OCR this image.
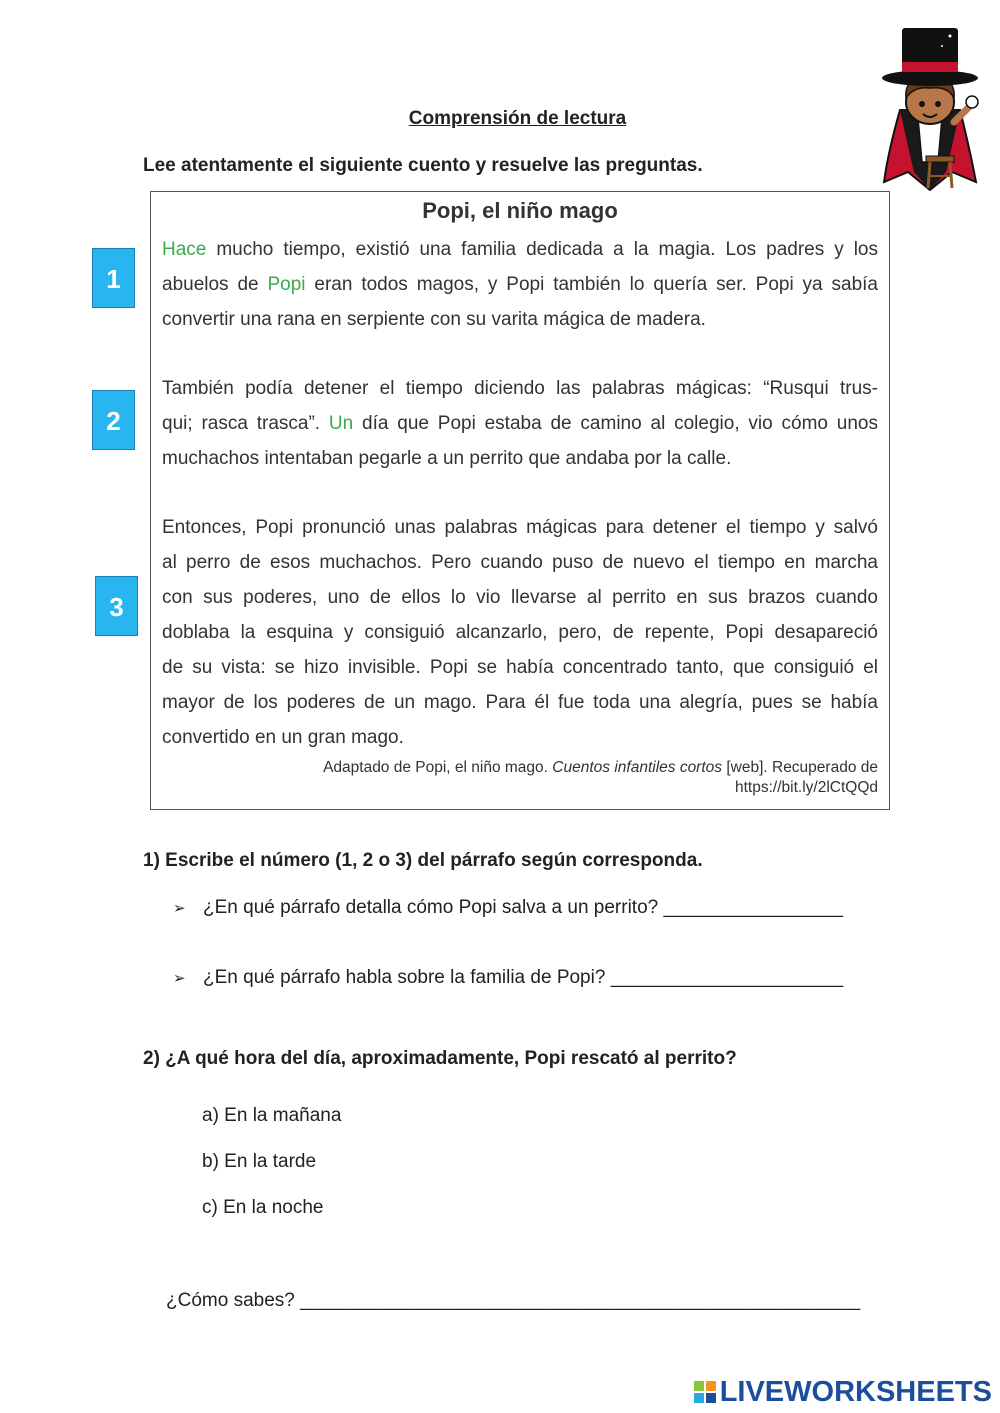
Comprensión de lectura
Lee atentamente el siguiente cuento y resuelve las preguntas.
Popi, el niño mago
1
2
3
Hace mucho tiempo, existió una familia dedicada a la magia. Los padres y los
abuelos de Popi eran todos magos, y Popi también lo quería ser. Popi ya sabía
convertir una rana en serpiente con su varita mágica de madera.
También podía detener el tiempo diciendo las palabras mágicas: “Rusqui trus-
qui; rasca trasca”. Un día que Popi estaba de camino al colegio, vio cómo unos
muchachos intentaban pegarle a un perrito que andaba por la calle.
Entonces, Popi pronunció unas palabras mágicas para detener el tiempo y salvó
al perro de esos muchachos. Pero cuando puso de nuevo el tiempo en marcha
con sus poderes, uno de ellos lo vio llevarse al perrito en sus brazos cuando
doblaba la esquina y consiguió alcanzarlo, pero, de repente, Popi desapareció
de su vista: se hizo invisible. Popi se había concentrado tanto, que consiguió el
mayor de los poderes de un mago. Para él fue toda una alegría, pues se había
convertido en un gran mago.
Adaptado de Popi, el niño mago. Cuentos infantiles cortos [web]. Recuperado de
https://bit.ly/2lCtQQd
1) Escribe el número (1, 2 o 3) del párrafo según corresponda.
➢ ¿En qué párrafo detalla cómo Popi salva a un perrito? _________________
➢ ¿En qué párrafo habla sobre la familia de Popi? ______________________
2) ¿A qué hora del día, aproximadamente, Popi rescató al perrito?
a) En la mañana
b) En la tarde
c) En la noche
¿Cómo sabes? _____________________________________________________
LIVEWORKSHEETS
